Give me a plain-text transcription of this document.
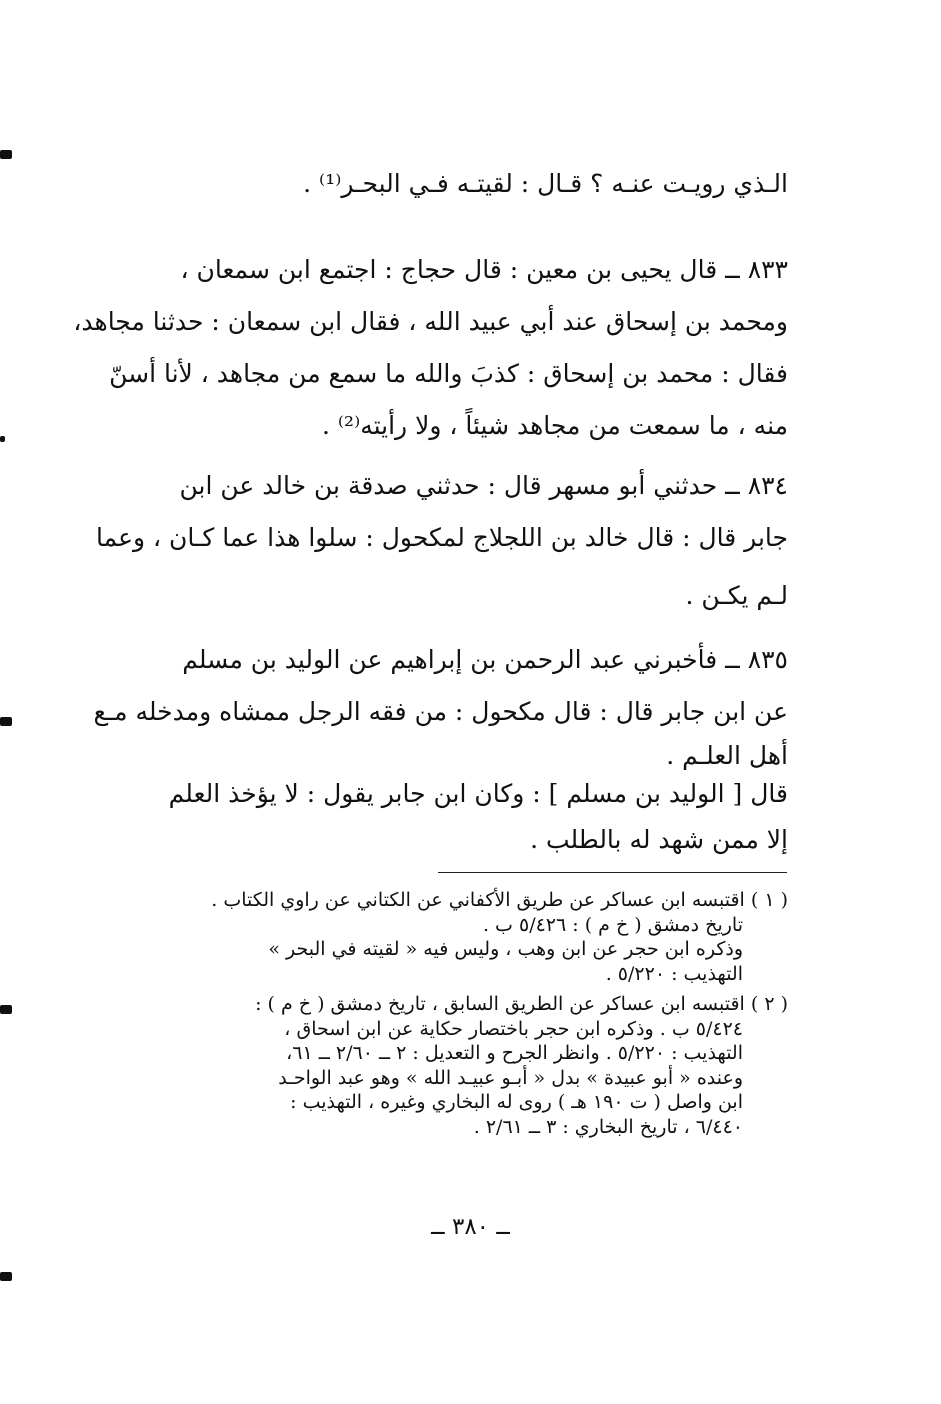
الـذي رويـت عنـه ؟ قـال : لقيتـه فـي البحـر⁽¹⁾ .
٨٣٣ ــ قال يحيى بن معين : قال حجاج : اجتمع ابن سمعان ،
ومحمد بن إسحاق عند أبي عبيد الله ، فقال ابن سمعان : حدثنا مجاهد،
فقال : محمد بن إسحاق : كذبَ والله ما سمع من مجاهد ، لأنا أسنّ
منه ، ما سمعت من مجاهد شيئاً ، ولا رأيته⁽²⁾ .
٨٣٤ ــ حدثني أبو مسهر قال : حدثني صدقة بن خالد عن ابن
جابر قال : قال خالد بن اللجلاج لمكحول : سلوا هذا عما كـان ، وعما
لـم يكـن .
٨٣٥ ــ فأخبرني عبد الرحمن بن إبراهيم عن الوليد بن مسلم
عن ابن جابر قال : قال مكحول : من فقه الرجل ممشاه ومدخله مـع
أهل العلـم .
قال [ الوليد بن مسلم ] : وكان ابن جابر يقول : لا يؤخذ العلم
إلا ممن شهد له بالطلب .
( ١ ) اقتبسه ابن عساكر عن طريق الأكفاني عن الكتاني عن راوي الكتاب .
تاريخ دمشق ( خ م ) : ٥/٤٢٦ ب .
وذكره ابن حجر عن ابن وهب ، وليس فيه « لقيته في البحر »
التهذيب : ٥/٢٢٠ .
( ٢ ) اقتبسه ابن عساكر عن الطريق السابق ، تاريخ دمشق ( خ م ) :
٥/٤٢٤ ب . وذكره ابن حجر باختصار حكاية عن ابن اسحاق ،
التهذيب : ٥/٢٢٠ . وانظر الجرح و التعديل : ٢ ــ ٢/٦٠ ــ ٦١،
وعنده « أبو عبيدة » بدل « أبـو عبيـد الله » وهو عبد الواحـد
ابن واصل ( ت ١٩٠ هـ ) روى له البخاري وغيره ، التهذيب :
٦/٤٤٠ ، تاريخ البخاري : ٣ ــ ٢/٦١ .
ــ ٣٨٠ ــ
